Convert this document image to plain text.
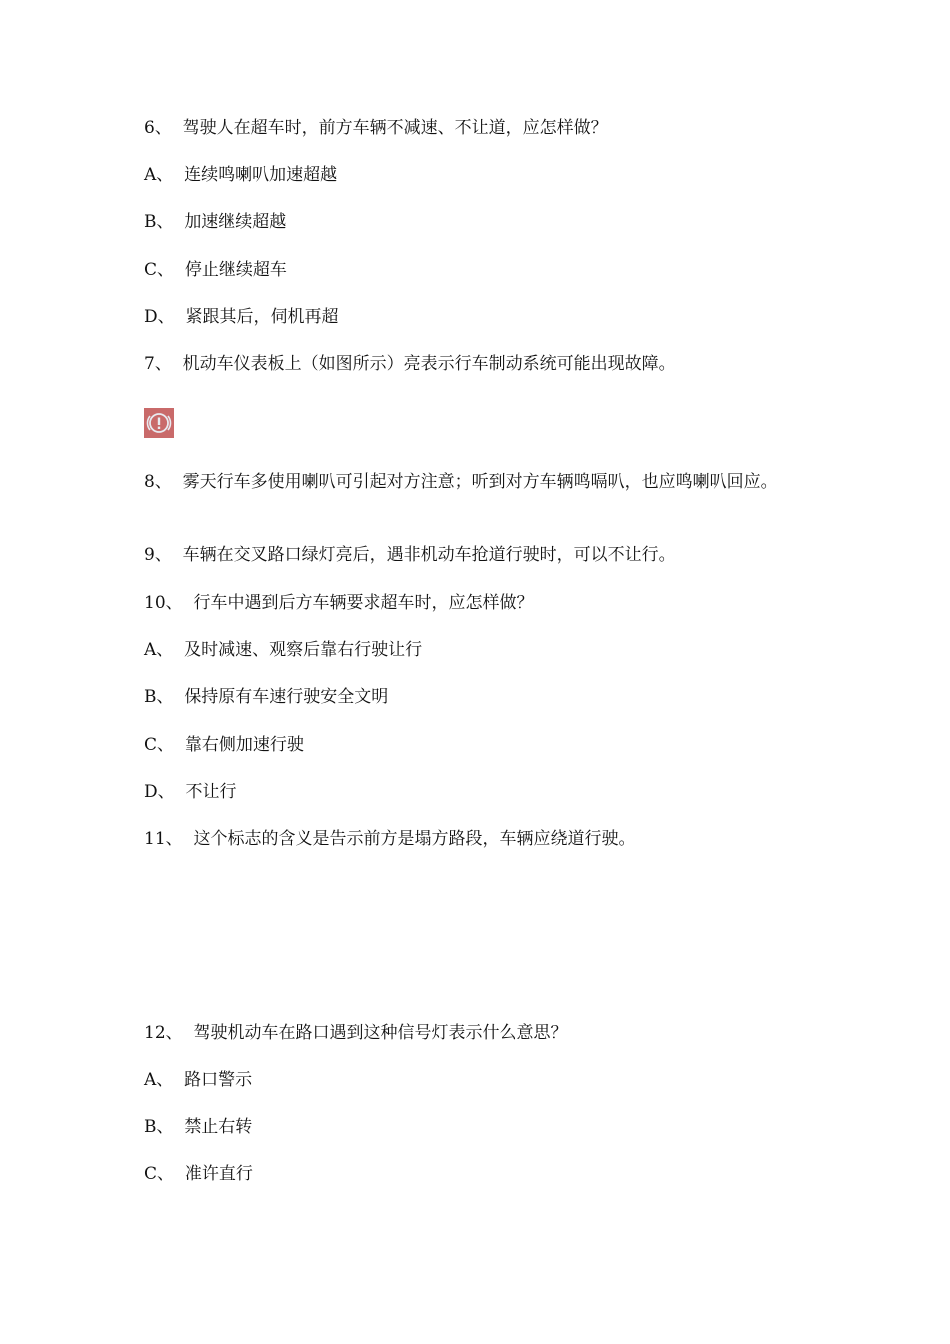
6、 驾驶人在超车时，前方车辆不减速、不让道，应怎样做？
A、 连续鸣喇叭加速超越
B、 加速继续超越
C、 停止继续超车
D、 紧跟其后，伺机再超
7、 机动车仪表板上（如图所示）亮表示行车制动系统可能出现故障。
8、 雾天行车多使用喇叭可引起对方注意；听到对方车辆鸣嗝叭，也应鸣喇叭回应。
9、 车辆在交叉路口绿灯亮后，遇非机动车抢道行驶时，可以不让行。
10、 行车中遇到后方车辆要求超车时，应怎样做？
A、 及时减速、观察后靠右行驶让行
B、 保持原有车速行驶安全文明
C、 靠右侧加速行驶
D、 不让行
11、 这个标志的含义是告示前方是塌方路段，车辆应绕道行驶。
12、 驾驶机动车在路口遇到这种信号灯表示什么意思？
A、 路口警示
B、 禁止右转
C、 准许直行
